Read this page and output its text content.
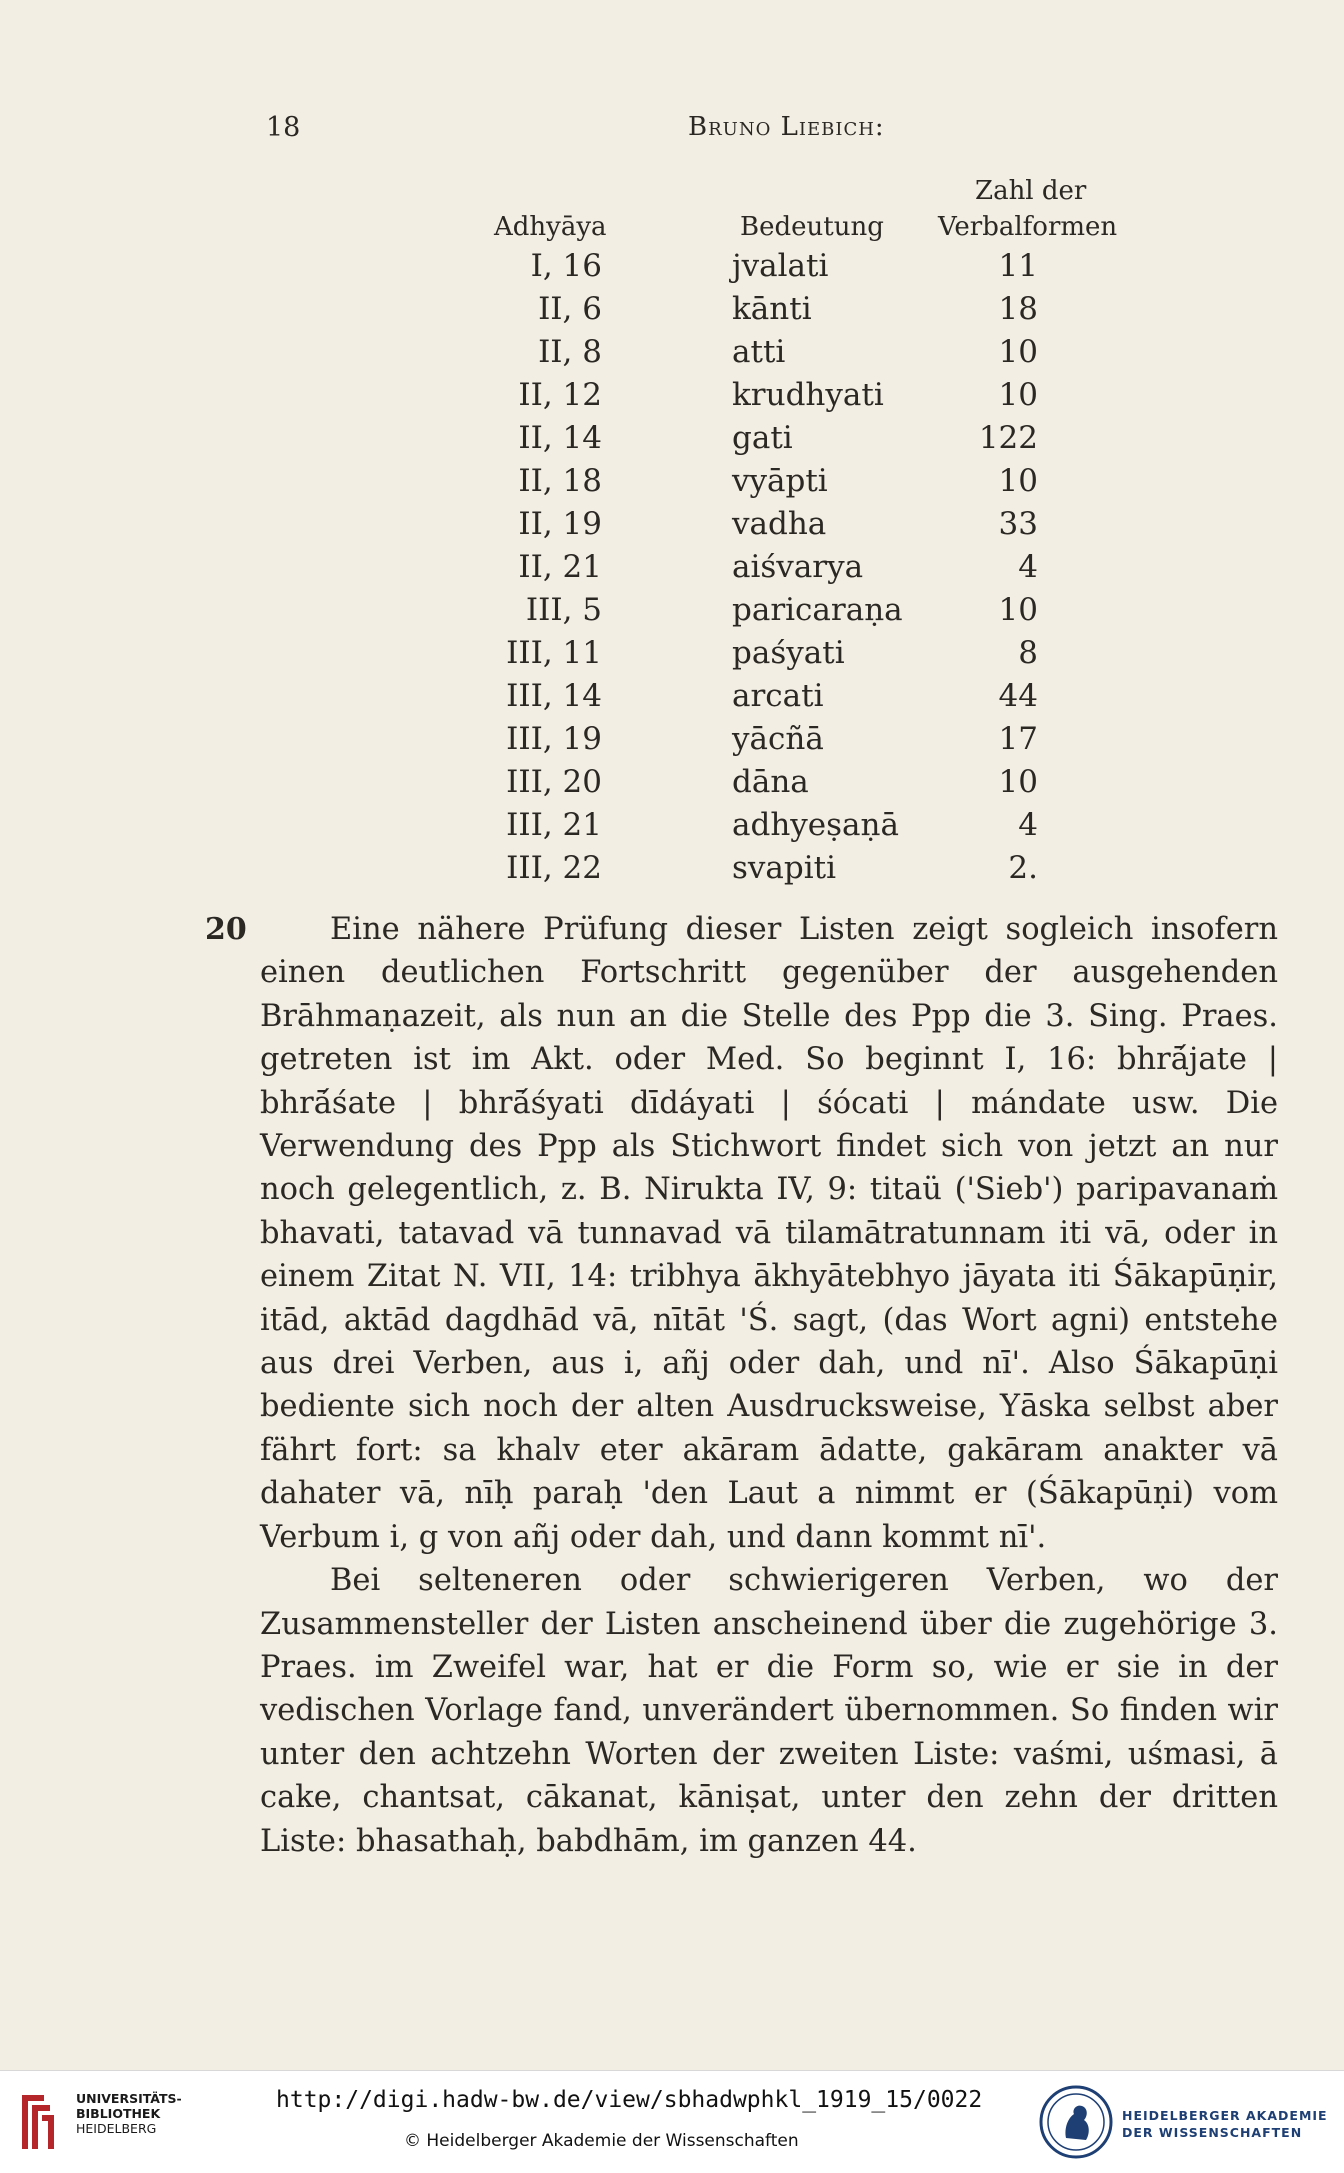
18	Bruno Liebich:
Adhyāya	Bedeutung
Zahl der
Verbalformen
I, 16	jvalati	11
II, 6	kānti	18
II, 8	atti	10
II, 12	krudhyati	10
II, 14	gati	122
II, 18	vyāpti	10
II, 19	vadha	33
II, 21	aiśvarya	4
III, 5	paricaraṇa	10
III, 11	paśyati	8
III, 14	arcati	44
III, 19	yācñā	17
III, 20	dāna	10
III, 21	adhyeṣaṇā	4
III, 22	svapiti	2.
20	Eine nähere Prüfung dieser Listen zeigt sogleich insofern einen deutlichen Fortschritt gegenüber der ausgehenden Brāhmaṇazeit, als nun an die Stelle des Ppp die 3. Sing. Praes. getreten ist im Akt. oder Med. So beginnt I, 16: bhrā́jate | bhrā́śate | bhrā́śyati dīdáyati | śócati | mándate usw. Die Verwendung des Ppp als Stichwort findet sich von jetzt an nur noch gelegentlich, z. B. Nirukta IV, 9: titaü ('Sieb') paripavanaṁ bhavati, tatavad vā tunnavad vā tilamātratunnam iti vā, oder in einem Zitat N. VII, 14: tribhya ākhyātebhyo jāyata iti Śākapūṇir, itād, aktād dagdhād vā, nītāt 'Ś. sagt, (das Wort agni) entstehe aus drei Verben, aus i, añj oder dah, und nī'. Also Śākapūṇi bediente sich noch der alten Ausdrucksweise, Yāska selbst aber fährt fort: sa khalv eter akāram ādatte, gakāram anakter vā dahater vā, nīḥ paraḥ 'den Laut a nimmt er (Śākapūṇi) vom Verbum i, g von añj oder dah, und dann kommt nī'.

Bei selteneren oder schwierigeren Verben, wo der Zusammensteller der Listen anscheinend über die zugehörige 3. Praes. im Zweifel war, hat er die Form so, wie er sie in der vedischen Vorlage fand, unverändert übernommen. So finden wir unter den achtzehn Worten der zweiten Liste: vaśmi, uśmasi, ā cake, chantsat, cākanat, kāniṣat, unter den zehn der dritten Liste: bhasathaḥ, babdhām, im ganzen 44.

UNIVERSITÄTS-
BIBLIOTHEK
HEIDELBERG
http://digi.hadw-bw.de/view/sbhadwphkl_1919_15/0022
© Heidelberger Akademie der Wissenschaften
HEIDELBERGER AKADEMIE
DER WISSENSCHAFTEN
